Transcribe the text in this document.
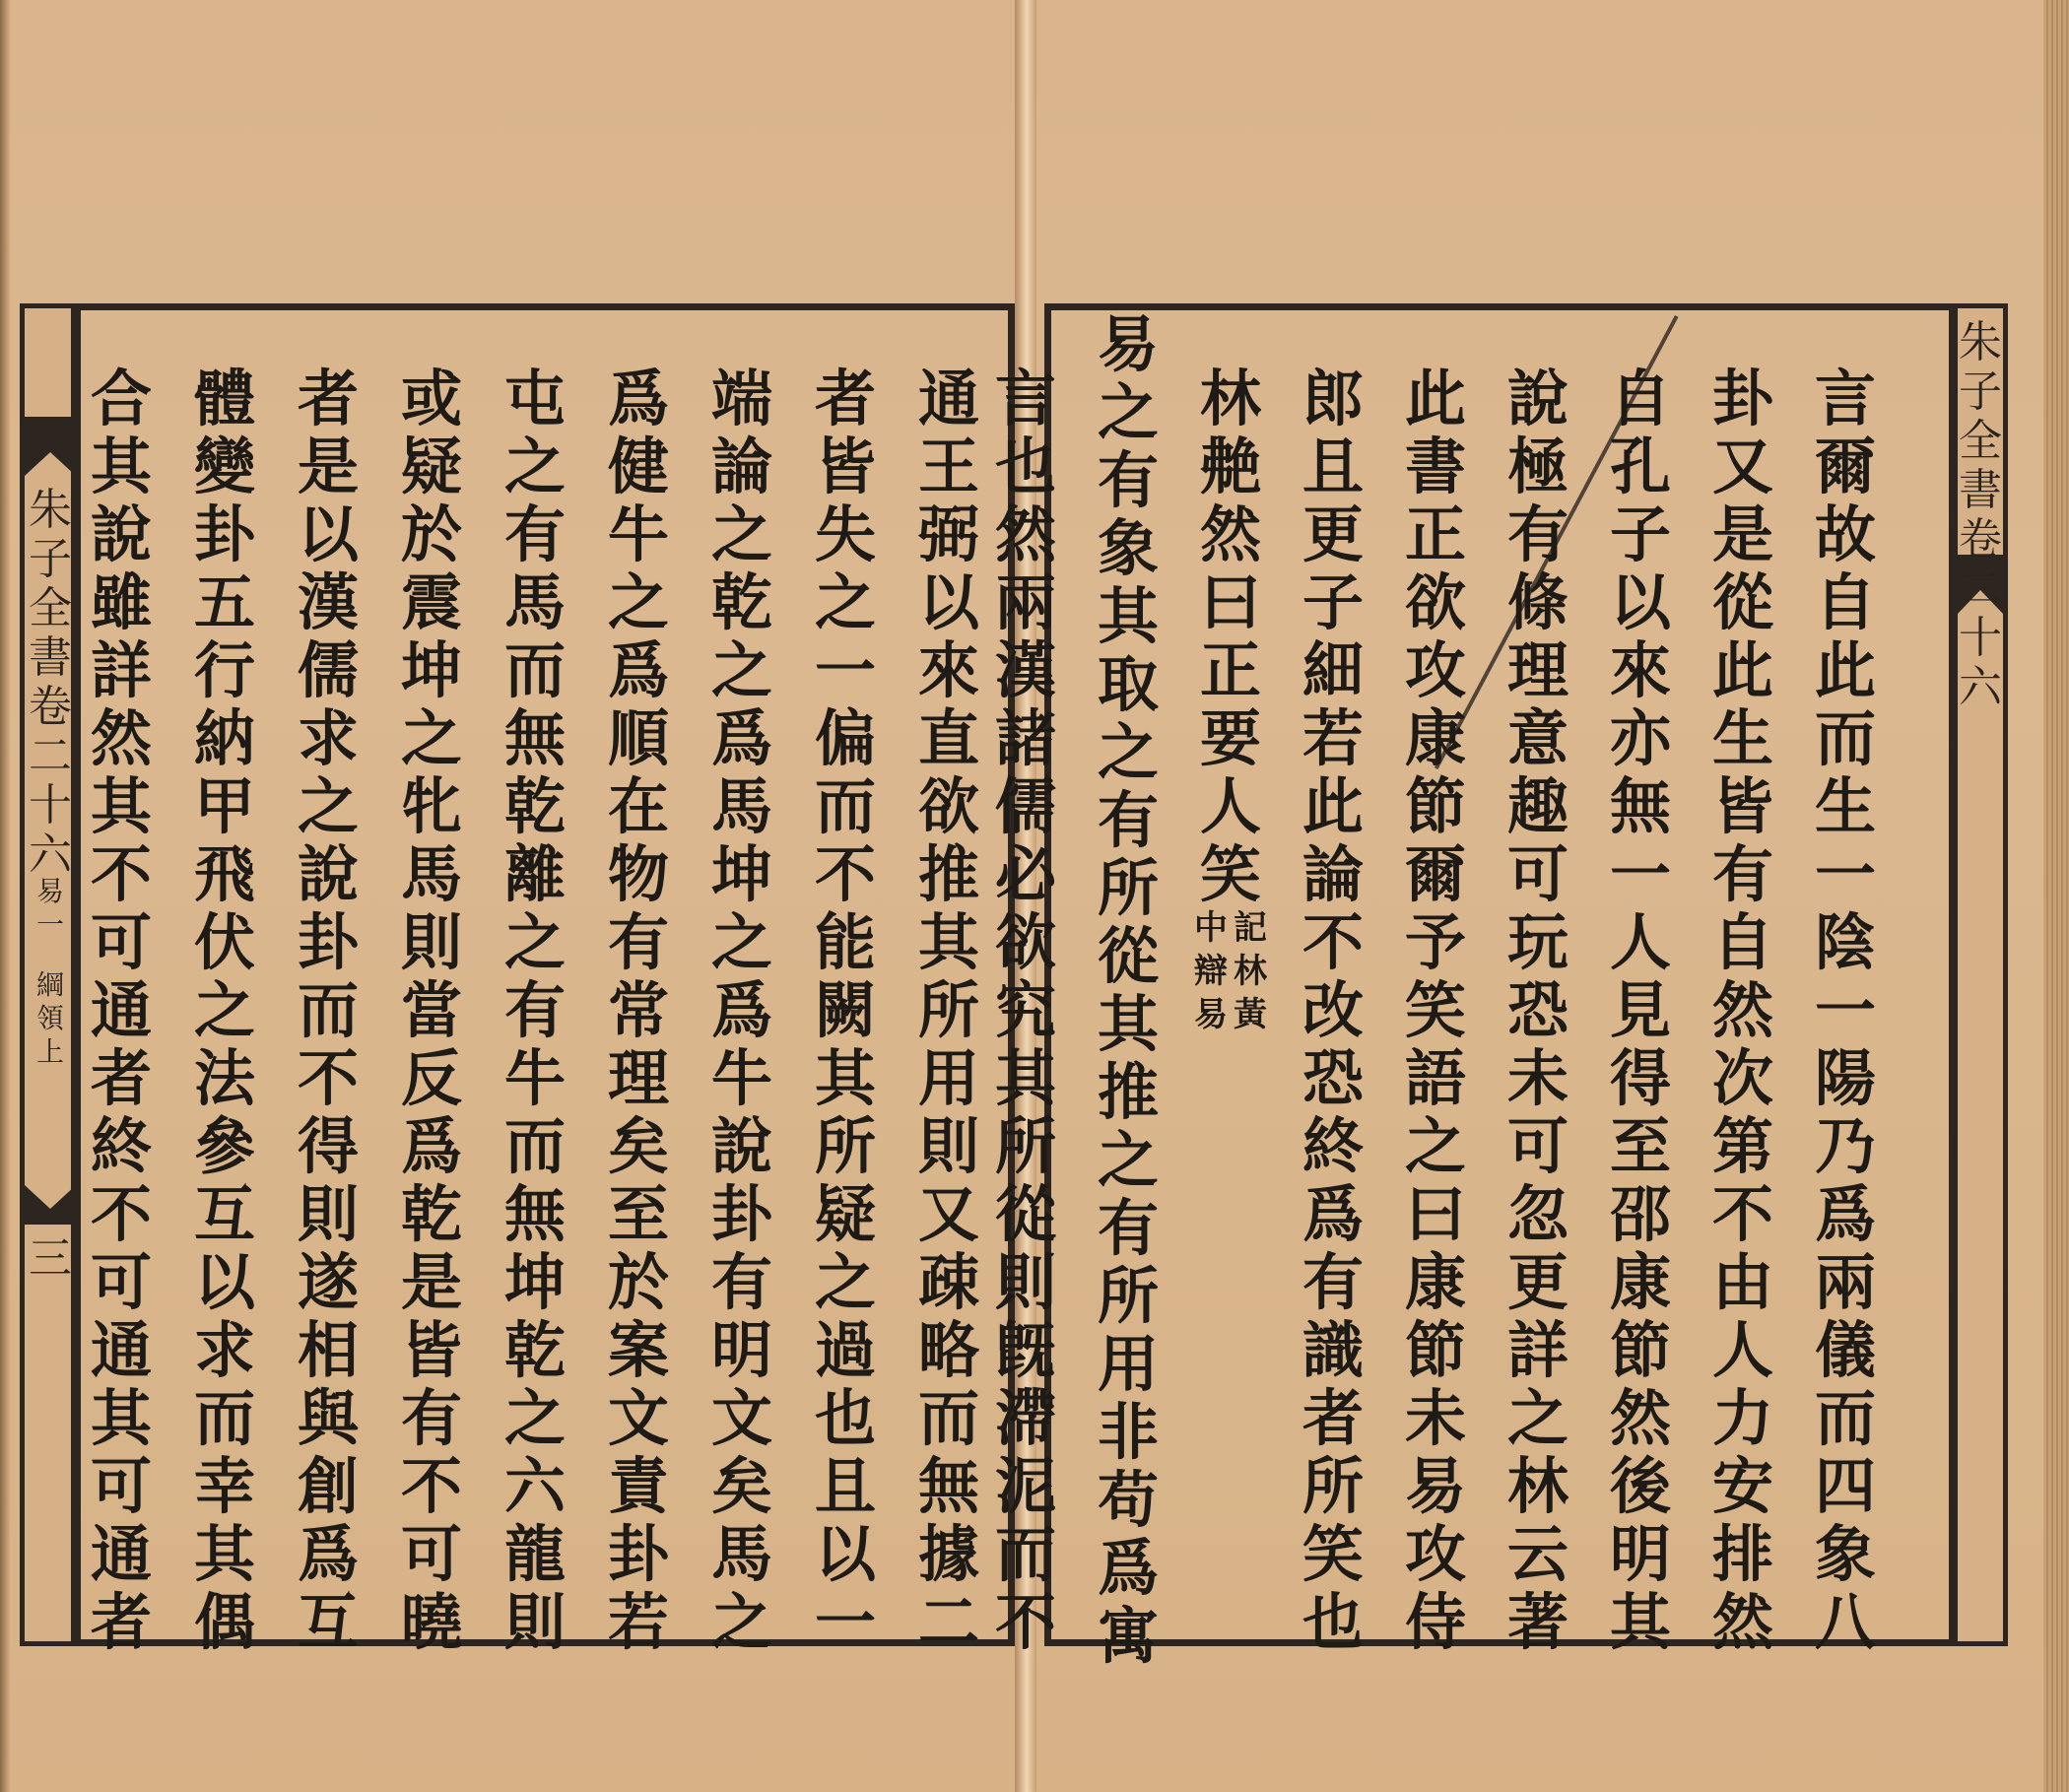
朱
子
全
書
卷
二
十
六
易
一
綱
領
上
三
朱
子
全
書
卷
二
十
六
通
王
弼
以
來
直
欲
推
其
所
用
則
又
疎
略
而
無
據
二
者
皆
失
之
一
偏
而
不
能
闕
其
所
疑
之
過
也
且
以
一
端
論
之
乾
之
爲
馬
坤
之
爲
牛
說
卦
有
明
文
矣
馬
之
爲
健
牛
之
爲
順
在
物
有
常
理
矣
至
於
案
文
責
卦
若
屯
之
有
馬
而
無
乾
離
之
有
牛
而
無
坤
乾
之
六
龍
則
或
疑
於
震
坤
之
牝
馬
則
當
反
爲
乾
是
皆
有
不
可
曉
者
是
以
漢
儒
求
之
說
卦
而
不
得
則
遂
相
與
創
爲
互
體
變
卦
五
行
納
甲
飛
伏
之
法
參
互
以
求
而
幸
其
偶
合
其
說
雖
詳
然
其
不
可
通
者
終
不
可
通
其
可
通
者
言
爾
故
自
此
而
生
一
陰
一
陽
乃
爲
兩
儀
而
四
象
八
卦
又
是
從
此
生
皆
有
自
然
次
第
不
由
人
力
安
排
然
自
孔
子
以
來
亦
無
一
人
見
得
至
邵
康
節
然
後
明
其
說
極
有
條
理
意
趣
可
玩
恐
未
可
忽
更
詳
之
林
云
著
此
書
正
欲
攻
康
節
爾
予
笑
語
之
曰
康
節
未
易
攻
侍
郎
且
更
子
細
若
此
論
不
改
恐
終
爲
有
識
者
所
笑
也
林
艴
然
曰
正
要
人
笑
記
林
黃
中
辯
易
易
之
有
象
其
取
之
有
所
從
其
推
之
有
所
用
非
苟
爲
寓
言
也
然
兩
漢
諸
儒
必
欲
究
其
所
從
則
旣
滯
泥
而
不
